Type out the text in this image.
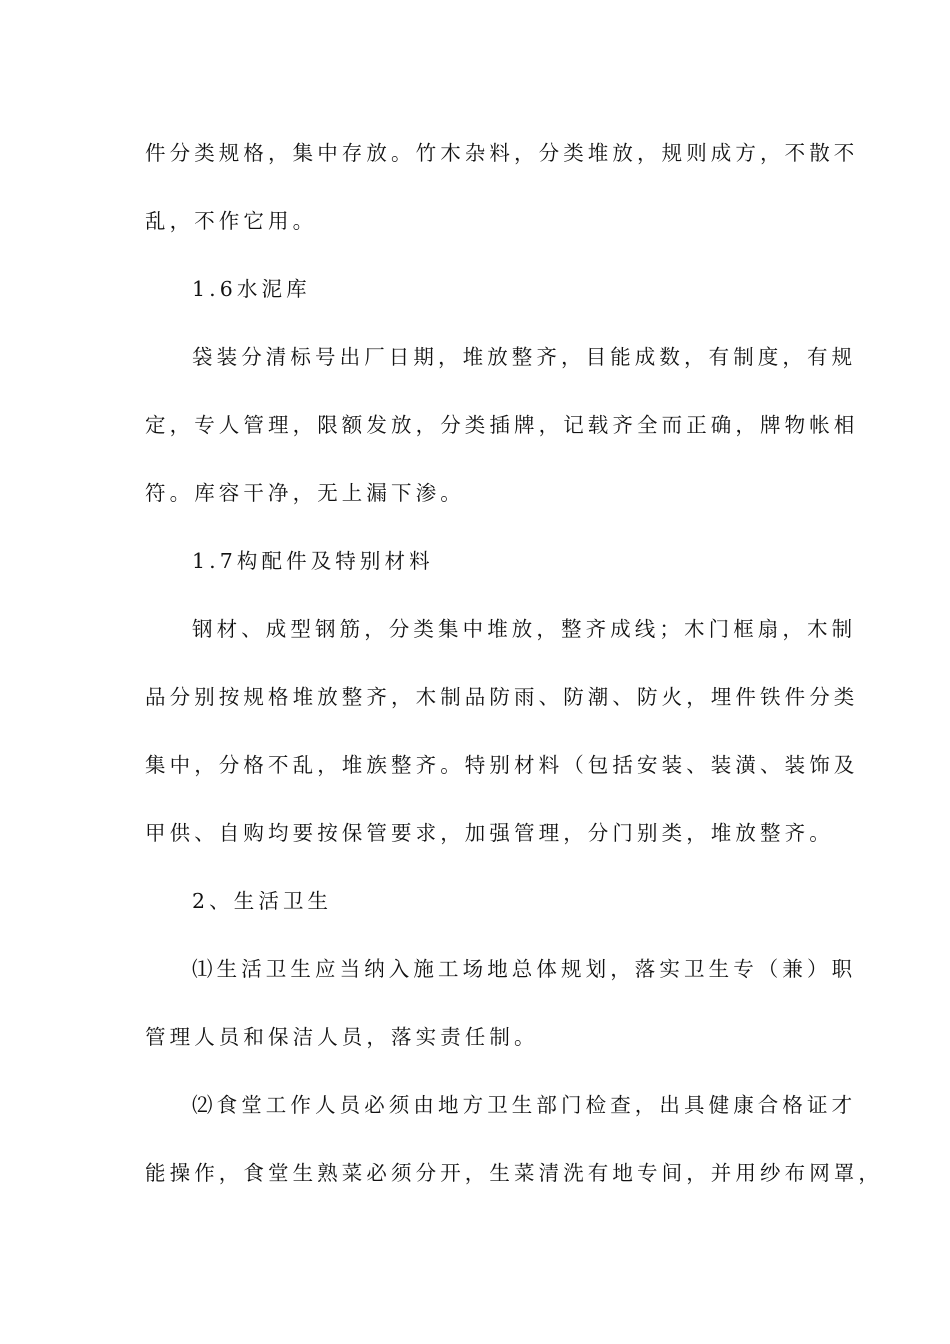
件分类规格，集中存放。竹木杂料，分类堆放，规则成方，不散不
乱，不作它用。
1.6水泥库
袋装分清标号出厂日期，堆放整齐，目能成数，有制度，有规
定，专人管理，限额发放，分类插牌，记载齐全而正确，牌物帐相
符。库容干净，无上漏下渗。
1.7构配件及特别材料
钢材、成型钢筋，分类集中堆放，整齐成线；木门框扇，木制
品分别按规格堆放整齐，木制品防雨、防潮、防火，埋件铁件分类
集中，分格不乱，堆族整齐。特别材料（包括安装、装潢、装饰及
甲供、自购均要按保管要求，加强管理，分门别类，堆放整齐。
2、生活卫生
⑴生活卫生应当纳入施工场地总体规划，落实卫生专（兼）职
管理人员和保洁人员，落实责任制。
⑵食堂工作人员必须由地方卫生部门检查，出具健康合格证才
能操作，食堂生熟菜必须分开，生菜清洗有地专间，并用纱布网罩，
